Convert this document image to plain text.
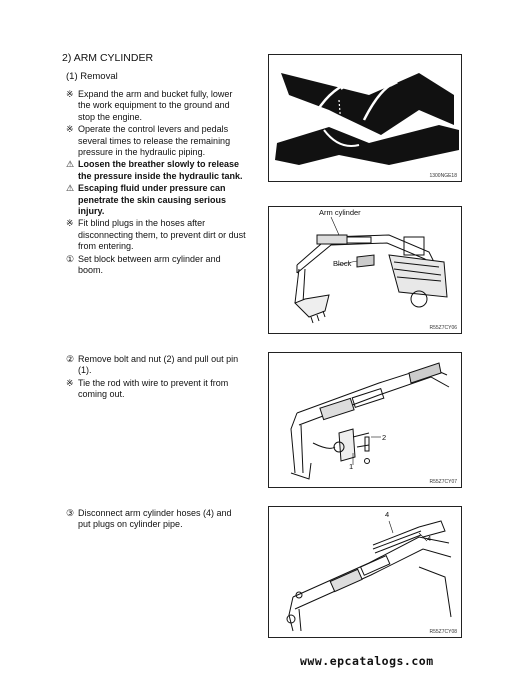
2) ARM CYLINDER
(1) Removal
※ Expand the arm and bucket fully, lower the work equipment to the ground and stop the engine.
※ Operate the control levers and pedals several times to release the remaining pressure in the hydraulic piping.
⚠ Loosen the breather slowly to release the pressure inside the hydraulic tank.
⚠ Escaping fluid under pressure can penetrate the skin causing serious injury.
※ Fit blind plugs in the hoses after disconnecting them, to prevent dirt or dust from entering.
① Set block between arm cylinder and boom.
② Remove bolt and nut (2) and pull out pin (1).
※ Tie the rod with wire to prevent it from coming out.
③ Disconnect arm cylinder hoses (4) and put plugs on cylinder pipe.
1300NGE18
Arm cylinder
Block
R55Z7CY06
1
2
R55Z7CY07
4
4
R55Z7CY08
www.epcatalogs.com
